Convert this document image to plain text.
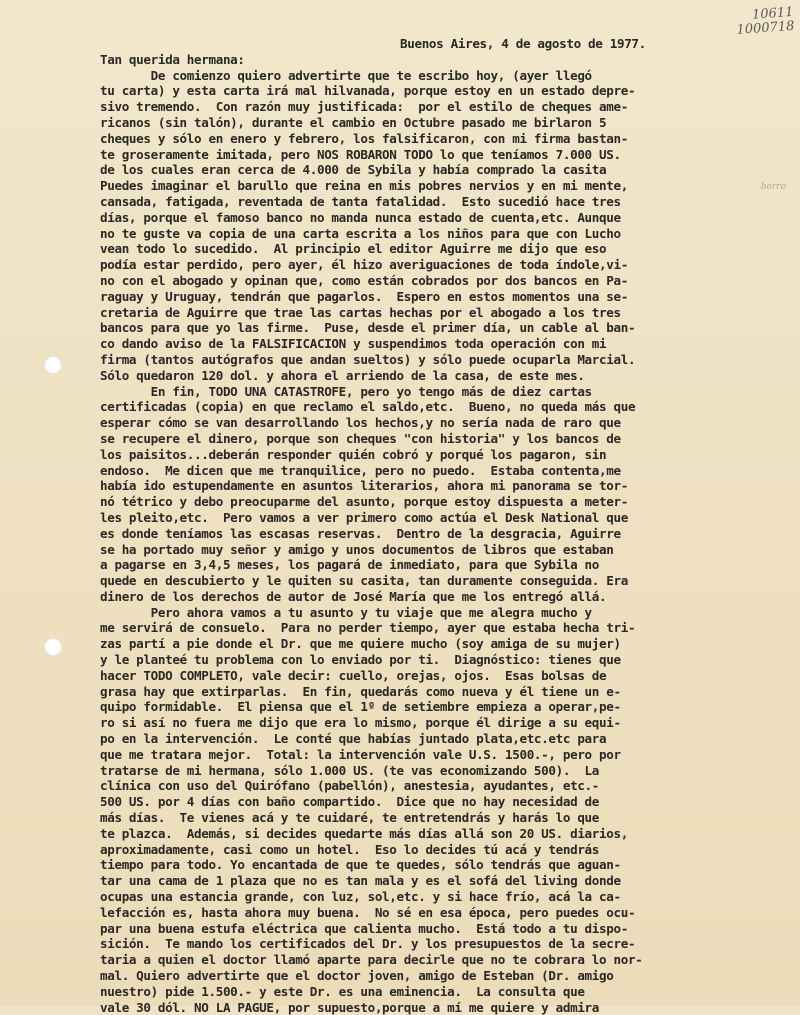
10611
1000718
borro
Buenos Aires, 4 de agosto de 1977.
Tan querida hermana:
De comienzo quiero advertirte que te escribo hoy, (ayer llegó
tu carta) y esta carta irá mal hilvanada, porque estoy en un estado depre-
sivo tremendo.  Con razón muy justificada:  por el estilo de cheques ame-
ricanos (sin talón), durante el cambio en Octubre pasado me birlaron 5
cheques y sólo en enero y febrero, los falsificaron, con mi firma bastan-
te groseramente imitada, pero NOS ROBARON TODO lo que teníamos 7.000 US.
de los cuales eran cerca de 4.000 de Sybila y había comprado la casita
Puedes imaginar el barullo que reina en mis pobres nervios y en mi mente,
cansada, fatigada, reventada de tanta fatalidad.  Esto sucedió hace tres
días, porque el famoso banco no manda nunca estado de cuenta,etc. Aunque
no te guste va copia de una carta escrita a los niños para que con Lucho
vean todo lo sucedido.  Al principio el editor Aguirre me dijo que eso
podía estar perdido, pero ayer, él hizo averiguaciones de toda índole,vi-
no con el abogado y opinan que, como están cobrados por dos bancos en Pa-
raguay y Uruguay, tendrán que pagarlos.  Espero en estos momentos una se-
cretaria de Aguirre que trae las cartas hechas por el abogado a los tres
bancos para que yo las firme.  Puse, desde el primer día, un cable al ban-
co dando aviso de la FALSIFICACION y suspendimos toda operación con mi
firma (tantos autógrafos que andan sueltos) y sólo puede ocuparla Marcial.
Sólo quedaron 120 dol. y ahora el arriendo de la casa, de este mes.
En fin, TODO UNA CATASTROFE, pero yo tengo más de diez cartas
certificadas (copia) en que reclamo el saldo,etc.  Bueno, no queda más que
esperar cómo se van desarrollando los hechos,y no sería nada de raro que
se recupere el dinero, porque son cheques "con historia" y los bancos de
los paisitos...deberán responder quién cobró y porqué los pagaron, sin
endoso.  Me dicen que me tranquilice, pero no puedo.  Estaba contenta,me
había ido estupendamente en asuntos literarios, ahora mi panorama se tor-
nó tétrico y debo preocuparme del asunto, porque estoy dispuesta a meter-
les pleito,etc.  Pero vamos a ver primero como actúa el Desk National que
es donde teníamos las escasas reservas.  Dentro de la desgracia, Aguirre
se ha portado muy señor y amigo y unos documentos de libros que estaban
a pagarse en 3,4,5 meses, los pagará de inmediato, para que Sybila no
quede en descubierto y le quiten su casita, tan duramente conseguida. Era
dinero de los derechos de autor de José María que me los entregó allá.
Pero ahora vamos a tu asunto y tu viaje que me alegra mucho y
me servirá de consuelo.  Para no perder tiempo, ayer que estaba hecha tri-
zas partí a pie donde el Dr. que me quiere mucho (soy amiga de su mujer)
y le planteé tu problema con lo enviado por ti.  Diagnóstico: tienes que
hacer TODO COMPLETO, vale decir: cuello, orejas, ojos.  Esas bolsas de
grasa hay que extirparlas.  En fin, quedarás como nueva y él tiene un e-
quipo formidable.  El piensa que el 1º de setiembre empieza a operar,pe-
ro si así no fuera me dijo que era lo mismo, porque él dirige a su equi-
po en la intervención.  Le conté que habías juntado plata,etc.etc para
que me tratara mejor.  Total: la intervención vale U.S. 1500.-, pero por
tratarse de mi hermana, sólo 1.000 US. (te vas economizando 500).  La
clínica con uso del Quirófano (pabellón), anestesia, ayudantes, etc.-
500 US. por 4 días con baño compartido.  Dice que no hay necesidad de
más días.  Te vienes acá y te cuidaré, te entretendrás y harás lo que
te plazca.  Además, si decides quedarte más días allá son 20 US. diarios,
aproximadamente, casi como un hotel.  Eso lo decides tú acá y tendrás
tiempo para todo. Yo encantada de que te quedes, sólo tendrás que aguan-
tar una cama de 1 plaza que no es tan mala y es el sofá del living donde
ocupas una estancia grande, con luz, sol,etc. y si hace frío, acá la ca-
lefacción es, hasta ahora muy buena.  No sé en esa época, pero puedes ocu-
par una buena estufa eléctrica que calienta mucho.  Está todo a tu dispo-
sición.  Te mando los certificados del Dr. y los presupuestos de la secre-
taria a quien el doctor llamó aparte para decirle que no te cobrara lo nor-
mal. Quiero advertirte que el doctor joven, amigo de Esteban (Dr. amigo
nuestro) pide 1.500.- y este Dr. es una eminencia.  La consulta que
vale 30 dól. NO LA PAGUE, por supuesto,porque a mí me quiere y admira
